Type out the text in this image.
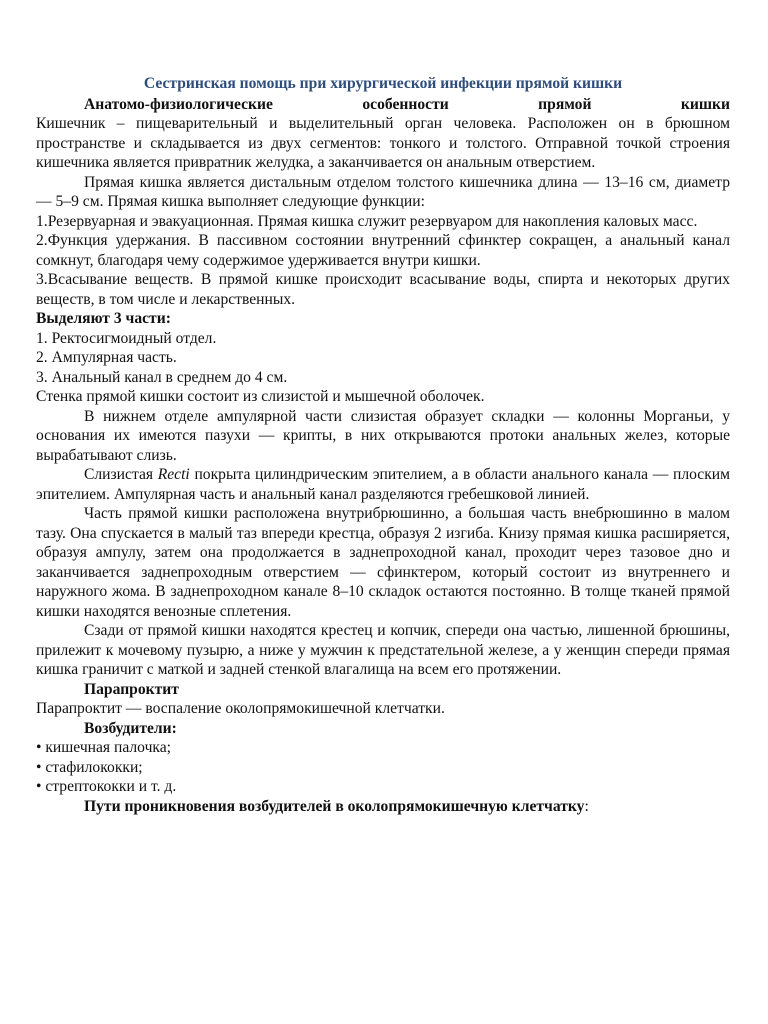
Сестринская помощь при хирургической инфекции прямой кишки

Анатомо-физиологические особенности прямой кишки

Кишечник – пищеварительный и выделительный орган человека. Расположен он в брюшном пространстве и складывается из двух сегментов: тонкого и толстого. Отправной точкой строения кишечника является привратник желудка, а заканчивается он анальным отверстием.

Прямая кишка является дистальным отделом толстого кишечника длина — 13–16 см, диаметр — 5–9 см. Прямая кишка выполняет следующие функции:

1.Резервуарная и эвакуационная. Прямая кишка служит резервуаром для накопления каловых масс.

2.Функция удержания. В пассивном состоянии внутренний сфинктер сокращен, а анальный канал сомкнут, благодаря чему содержимое удерживается внутри кишки.

3.Всасывание веществ. В прямой кишке происходит всасывание воды, спирта и некоторых других веществ, в том числе и лекарственных.

Выделяют 3 части:

1. Ректосигмоидный отдел.

2. Ампулярная часть.

3. Анальный канал в среднем до 4 см.

Стенка прямой кишки состоит из слизистой и мышечной оболочек.

В нижнем отделе ампулярной части слизистая образует складки — колонны Морганьи, у основания их имеются пазухи — крипты, в них открываются протоки анальных желез, которые вырабатывают слизь.

Слизистая Recti покрыта цилиндрическим эпителием, а в области анального канала — плоским эпителием. Ампулярная часть и анальный канал разделяются гребешковой линией.

Часть прямой кишки расположена внутрибрюшинно, а большая часть внебрюшинно в малом тазу. Она спускается в малый таз впереди крестца, образуя 2 изгиба. Книзу прямая кишка расширяется, образуя ампулу, затем она продолжается в заднепроходной канал, проходит через тазовое дно и заканчивается заднепроходным отверстием — сфинктером, который состоит из внутреннего и наружного жома. В заднепроходном канале 8–10 складок остаются постоянно. В толще тканей прямой кишки находятся венозные сплетения.

Сзади от прямой кишки находятся крестец и копчик, спереди она частью, лишенной брюшины, прилежит к мочевому пузырю, а ниже у мужчин к предстательной железе, а у женщин спереди прямая кишка граничит с маткой и задней стенкой влагалища на всем его протяжении.

Парапроктит

Парапроктит — воспаление околопрямокишечной клетчатки.

Возбудители:

• кишечная палочка;

• стафилококки;

• стрептококки и т. д.

Пути проникновения возбудителей в околопрямокишечную клетчатку:
